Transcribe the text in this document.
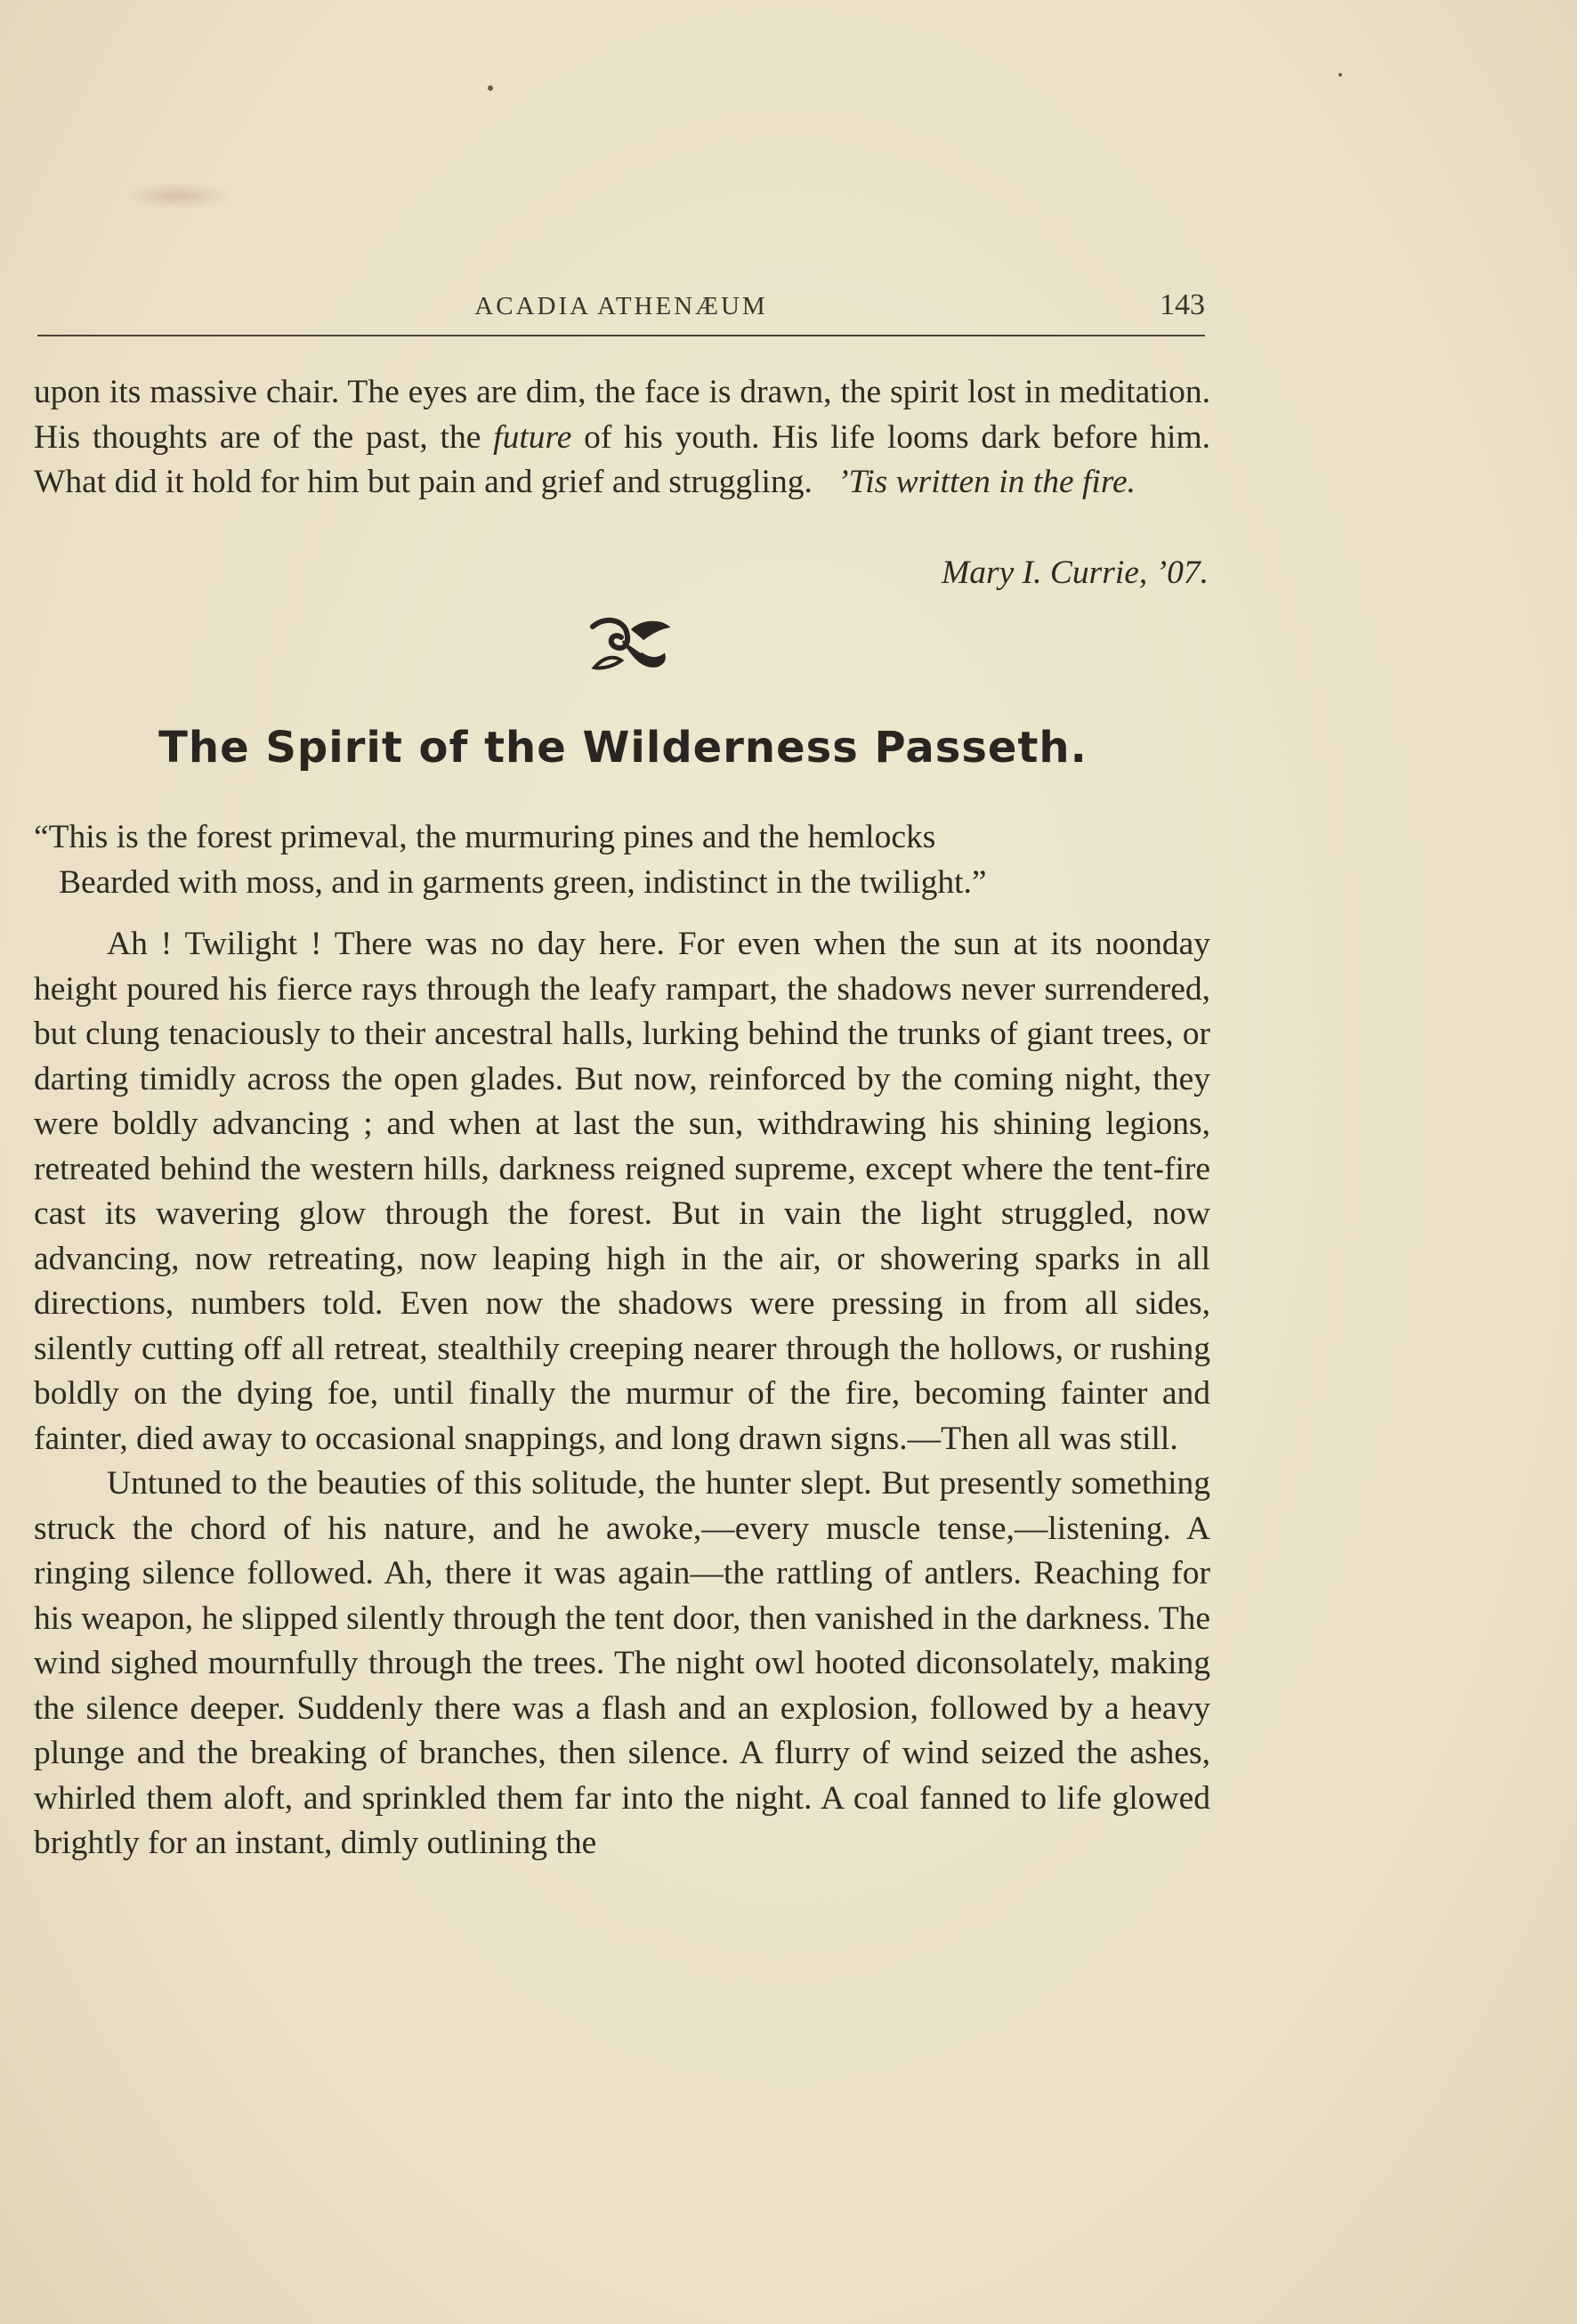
ACADIA ATHENÆUM	143

upon its massive chair. The eyes are dim, the face is drawn, the spirit lost in meditation. His thoughts are of the past, the future of his youth. His life looms dark before him. What did it hold for him but pain and grief and struggling. ’Tis written in the fire.

Mary I. Currie, ’07.
The Spirit of the Wilderness Passeth.
“This is the forest primeval, the murmuring pines and the hemlocks
Bearded with moss, and in garments green, indistinct in the twilight.”

Ah ! Twilight ! There was no day here. For even when the sun at its noonday height poured his fierce rays through the leafy rampart, the shadows never surrendered, but clung tenaciously to their ancestral halls, lurking behind the trunks of giant trees, or darting timidly across the open glades. But now, reinforced by the coming night, they were boldly advancing ; and when at last the sun, withdrawing his shining legions, retreated behind the western hills, darkness reigned supreme, except where the tent-fire cast its wavering glow through the forest. But in vain the light struggled, now advancing, now retreating, now leaping high in the air, or showering sparks in all directions, numbers told. Even now the shadows were pressing in from all sides, silently cutting off all retreat, stealthily creeping nearer through the hollows, or rushing boldly on the dying foe, until finally the murmur of the fire, becoming fainter and fainter, died away to occasional snappings, and long drawn signs.—Then all was still.

Untuned to the beauties of this solitude, the hunter slept. But presently something struck the chord of his nature, and he awoke,—every muscle tense,—listening. A ringing silence followed. Ah, there it was again—the rattling of antlers. Reaching for his weapon, he slipped silently through the tent door, then vanished in the darkness. The wind sighed mournfully through the trees. The night owl hooted diconsolately, making the silence deeper. Suddenly there was a flash and an explosion, followed by a heavy plunge and the breaking of branches, then silence. A flurry of wind seized the ashes, whirled them aloft, and sprinkled them far into the night. A coal fanned to life glowed brightly for an instant, dimly outlining the
